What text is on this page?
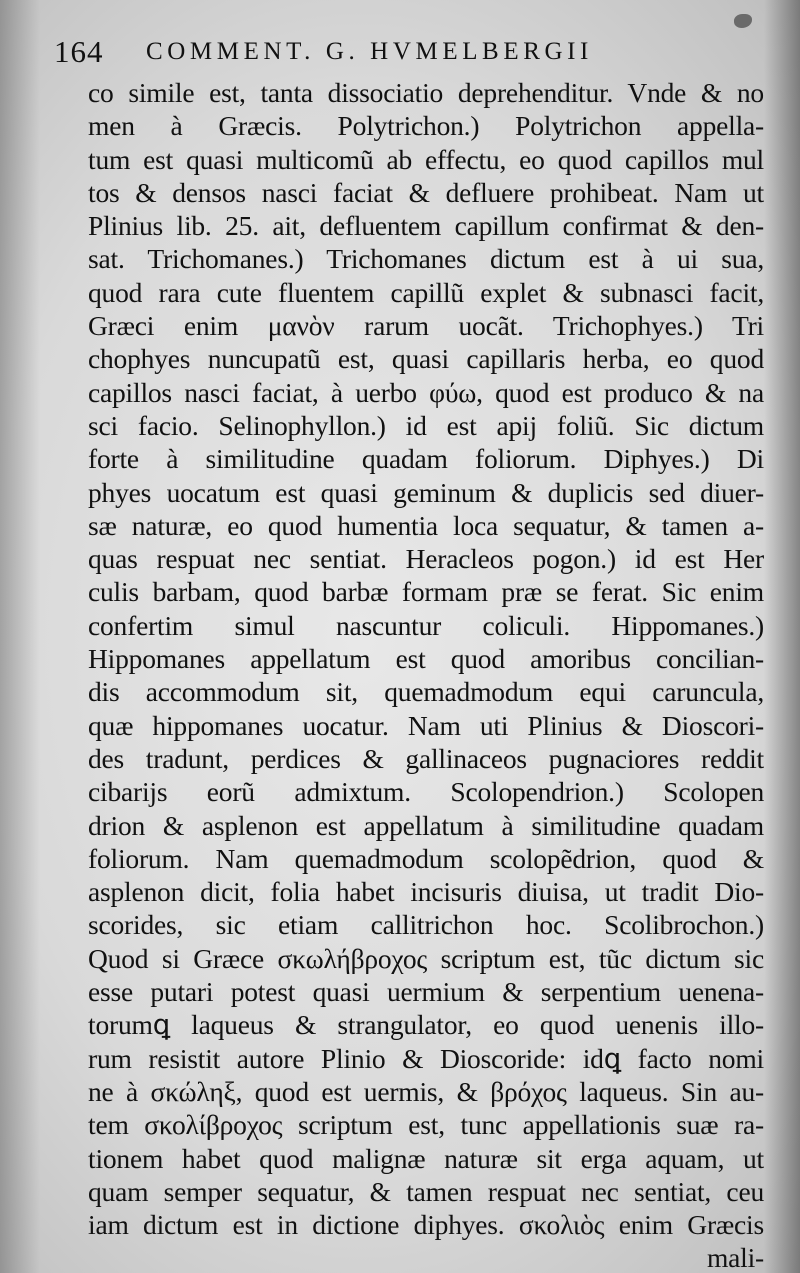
164 COMMENT. G. HVMELBERGII
co simile est, tanta dissociatio deprehenditur. Vnde & no
men à Græcis. Polytrichon.) Polytrichon appella-
tum est quasi multicomũ ab effectu, eo quod capillos mul
tos & densos nasci faciat & defluere prohibeat. Nam ut
Plinius lib. 25. ait, defluentem capillum confirmat & den-
sat. Trichomanes.) Trichomanes dictum est à ui sua,
quod rara cute fluentem capillũ explet & subnasci facit,
Græci enim μανὸν rarum uocãt. Trichophyes.) Tri
chophyes nuncupatũ est, quasi capillaris herba, eo quod
capillos nasci faciat, à uerbo φύω, quod est produco & na
sci facio. Selinophyllon.) id est apij foliũ. Sic dictum
forte à similitudine quadam foliorum. Diphyes.) Di
phyes uocatum est quasi geminum & duplicis sed diuer-
sæ naturæ, eo quod humentia loca sequatur, & tamen a-
quas respuat nec sentiat. Heracleos pogon.) id est Her
culis barbam, quod barbæ formam præ se ferat. Sic enim
confertim simul nascuntur coliculi. Hippomanes.)
Hippomanes appellatum est quod amoribus concilian-
dis accommodum sit, quemadmodum equi caruncula,
quæ hippomanes uocatur. Nam uti Plinius & Dioscori-
des tradunt, perdices & gallinaceos pugnaciores reddit
cibarijs eorũ admixtum. Scolopendrion.) Scolopen
drion & asplenon est appellatum à similitudine quadam
foliorum. Nam quemadmodum scolopẽdrion, quod &
asplenon dicit, folia habet incisuris diuisa, ut tradit Dio-
scorides, sic etiam callitrichon hoc. Scolibrochon.)
Quod si Græce σκωλήβροχος scriptum est, tũc dictum sic
esse putari potest quasi uermium & serpentium uenena-
torumꝗ laqueus & strangulator, eo quod uenenis illo-
rum resistit autore Plinio & Dioscoride: idꝗ facto nomi
ne à σκώληξ, quod est uermis, & βρόχος laqueus. Sin au-
tem σκολίβροχος scriptum est, tunc appellationis suæ ra-
tionem habet quod malignæ naturæ sit erga aquam, ut
quam semper sequatur, & tamen respuat nec sentiat, ceu
iam dictum est in dictione diphyes. σκολιὸς enim Græcis
mali-
